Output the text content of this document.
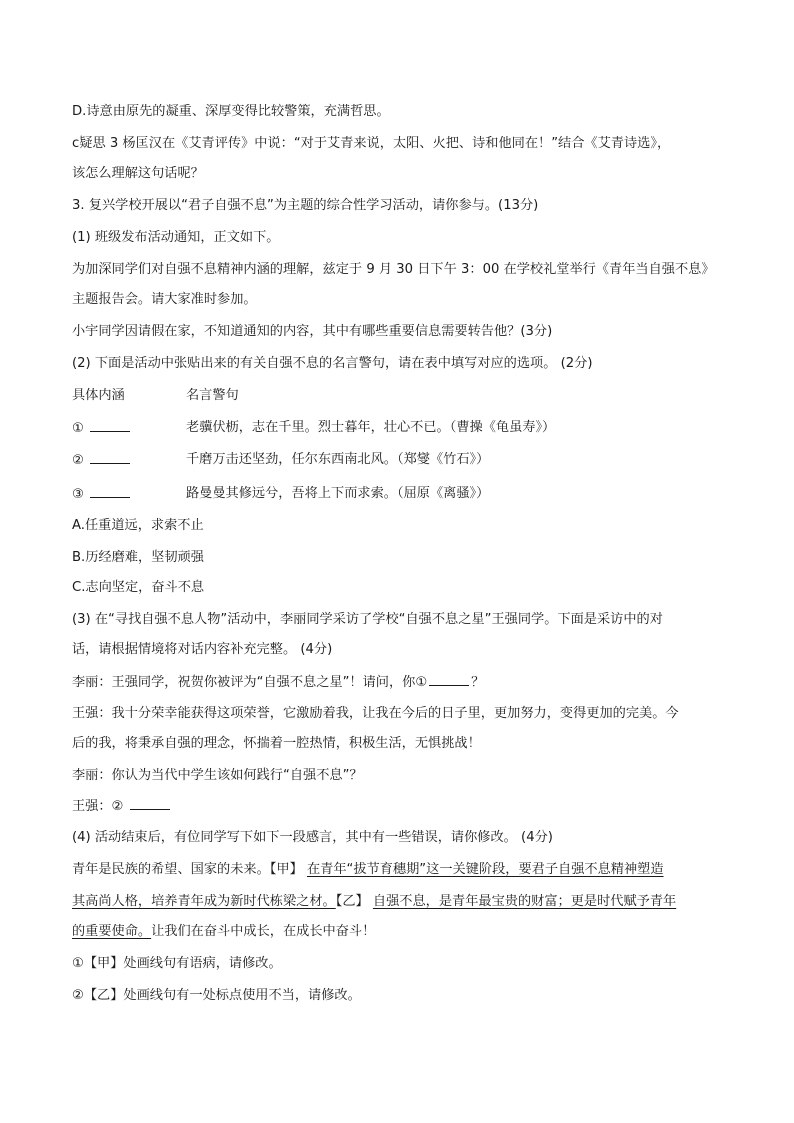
D.诗意由原先的凝重、深厚变得比较警策，充满哲思。
c疑思 3 杨匡汉在《艾青评传》中说：“对于艾青来说，太阳、火把、诗和他同在！”结合《艾青诗选》，
该怎么理解这句话呢？
3. 复兴学校开展以“君子自强不息”为主题的综合性学习活动，请你参与。(13分)
(1) 班级发布活动通知，正文如下。
为加深同学们对自强不息精神内涵的理解，兹定于 9 月 30 日下午 3：00 在学校礼堂举行《青年当自强不息》
主题报告会。请大家准时参加。
小宇同学因请假在家，不知道通知的内容，其中有哪些重要信息需要转告他？(3分)
(2) 下面是活动中张贴出来的有关自强不息的名言警句，请在表中填写对应的选项。 (2分)
具体内涵	名言警句
①	老骥伏枥，志在千里。烈士暮年，壮心不已。（曹操《龟虽寿》）
②	千磨万击还坚劲，任尔东西南北风。（郑燮《竹石》）
③	路曼曼其修远兮，吾将上下而求索。（屈原《离骚》）
A.任重道远，求索不止
B.历经磨难，坚韧顽强
C.志向坚定，奋斗不息
(3) 在“寻找自强不息人物”活动中，李丽同学采访了学校“自强不息之星”王强同学。下面是采访中的对
话，请根据情境将对话内容补充完整。 (4分)
李丽：王强同学，祝贺你被评为“自强不息之星”！请问，你①	？
王强：我十分荣幸能获得这项荣誉，它激励着我，让我在今后的日子里，更加努力，变得更加的完美。今
后的我，将秉承自强的理念，怀揣着一腔热情，积极生活，无惧挑战！
李丽：你认为当代中学生该如何践行“自强不息”？
王强：②
(4) 活动结束后，有位同学写下如下一段感言，其中有一些错误，请你修改。 (4分)
青年是民族的希望、国家的未来。【甲】 在青年“拔节育穗期”这一关键阶段，要君子自强不息精神塑造
其高尚人格，培养青年成为新时代栋梁之材。【乙】 自强不息，是青年最宝贵的财富；更是时代赋予青年
的重要使命。让我们在奋斗中成长，在成长中奋斗！
①【甲】处画线句有语病，请修改。
②【乙】处画线句有一处标点使用不当，请修改。
